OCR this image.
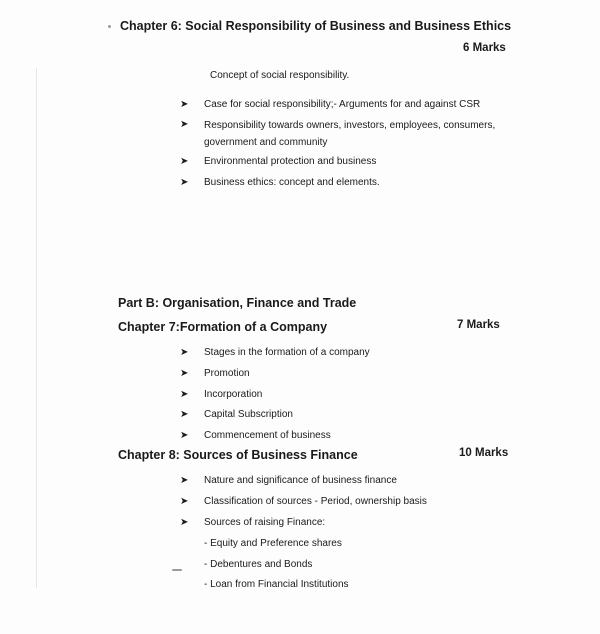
Chapter 6: Social Responsibility of Business and Business Ethics
6 Marks
Concept of social responsibility.
➤ Case for social responsibility;- Arguments for and against CSR
➤ Responsibility towards owners, investors, employees, consumers, government and community
➤ Environmental protection and business
➤ Business ethics: concept and elements.
Part B: Organisation, Finance and Trade
Chapter 7:Formation of a Company	7 Marks
➤ Stages in the formation of a company
➤ Promotion
➤ Incorporation
➤ Capital Subscription
➤ Commencement of business
Chapter 8: Sources of Business Finance	10 Marks
➤ Nature and significance of business finance
➤ Classification of sources - Period, ownership basis
➤ Sources of raising Finance:
- Equity and Preference shares
- Debentures and Bonds
- Loan from Financial Institutions
